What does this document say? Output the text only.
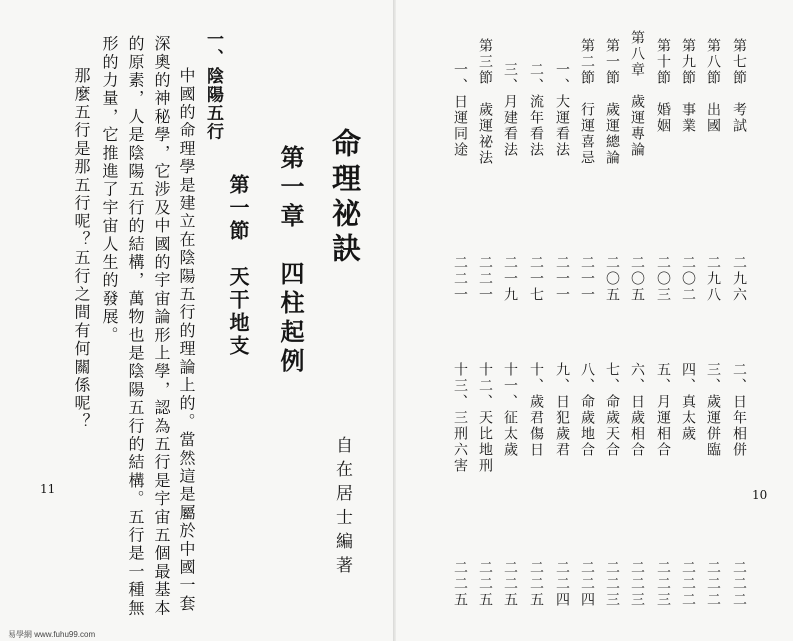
自在居士編著
命理祕訣
第一章　四柱起例
第一節　天干地支
一、陰陽五行
中國的命理學是建立在陰陽五行的理論上的。當然這是屬於中國一套
深奧的神秘學，它涉及中國的宇宙論形上學，認為五行是宇宙五個最基本
的原素，人是陰陽五行的結構，萬物也是陰陽五行的結構。五行是一種無
形的力量，它推進了宇宙人生的發展。
那麼五行是那五行呢？五行之間有何關係呢？
11	10
第七節　考試
二九六
第八節　出國
二九八
第九節　事業
二〇二
第十節　婚姻
二〇三
第八章　歲運專論
二〇五
第一節　歲運總論
二〇五
第二節　行運喜忌
二一一
一、大運看法
二一一
二、流年看法
二一七
三、月建看法
二一九
第三節　歲運祕法
二二一
一、日運同途
二二一
二、日年相併
二二二
三、歲運併臨
二二二
四、真太歲
二二二
五、月運相合
二二三
六、日歲相合
二二三
七、命歲天合
二二三
八、命歲地合
二二四
九、日犯歲君
二二四
十、歲君傷日
二二五
十一、征太歲
二二五
十二、天比地刑
二二五
十三、三刑六害
二二五
易學網 www.fuhu99.com
